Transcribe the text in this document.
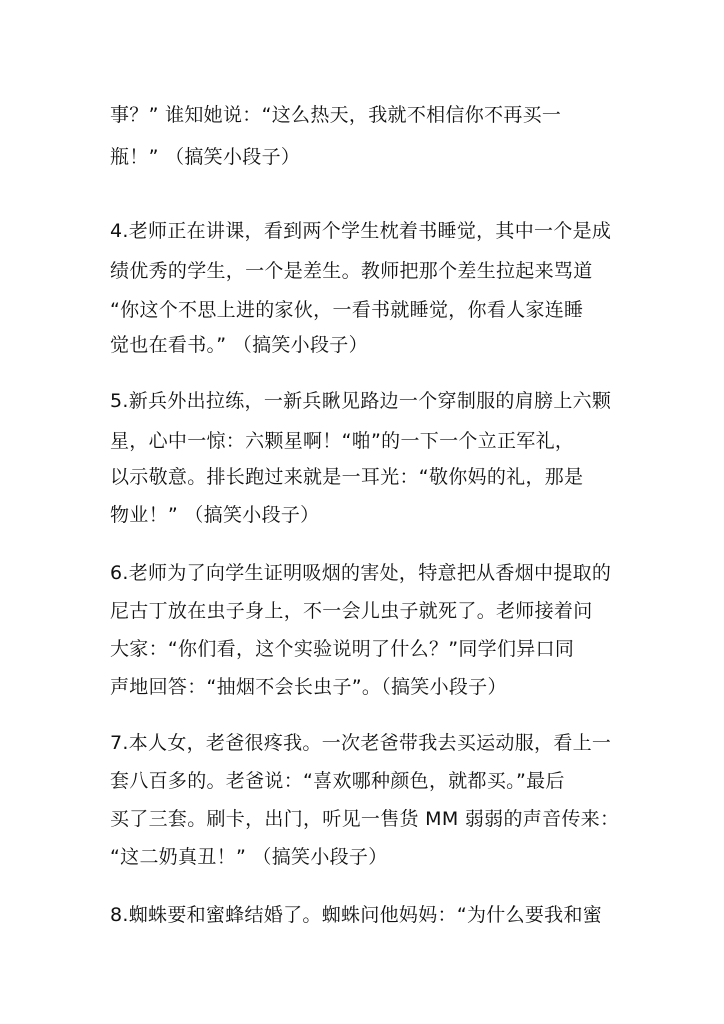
事？” 谁知她说：“这么热天，我就不相信你不再买一
瓶！” （搞笑小段子）
4.老师正在讲课，看到两个学生枕着书睡觉，其中一个是成
绩优秀的学生，一个是差生。教师把那个差生拉起来骂道
“你这个不思上进的家伙，一看书就睡觉，你看人家连睡
觉也在看书。” （搞笑小段子）
5.新兵外出拉练，一新兵瞅见路边一个穿制服的肩膀上六颗
星，心中一惊：六颗星啊！“啪”的一下一个立正军礼，
以示敬意。排长跑过来就是一耳光：“敬你妈的礼，那是
物业！” （搞笑小段子）
6.老师为了向学生证明吸烟的害处，特意把从香烟中提取的
尼古丁放在虫子身上，不一会儿虫子就死了。老师接着问
大家：“你们看，这个实验说明了什么？”同学们异口同
声地回答：“抽烟不会长虫子”。（搞笑小段子）
7.本人女，老爸很疼我。一次老爸带我去买运动服，看上一
套八百多的。老爸说：“喜欢哪种颜色，就都买。”最后
买了三套。刷卡，出门，听见一售货 MM 弱弱的声音传来：
“这二奶真丑！” （搞笑小段子）
8.蜘蛛要和蜜蜂结婚了。蜘蛛问他妈妈：“为什么要我和蜜
